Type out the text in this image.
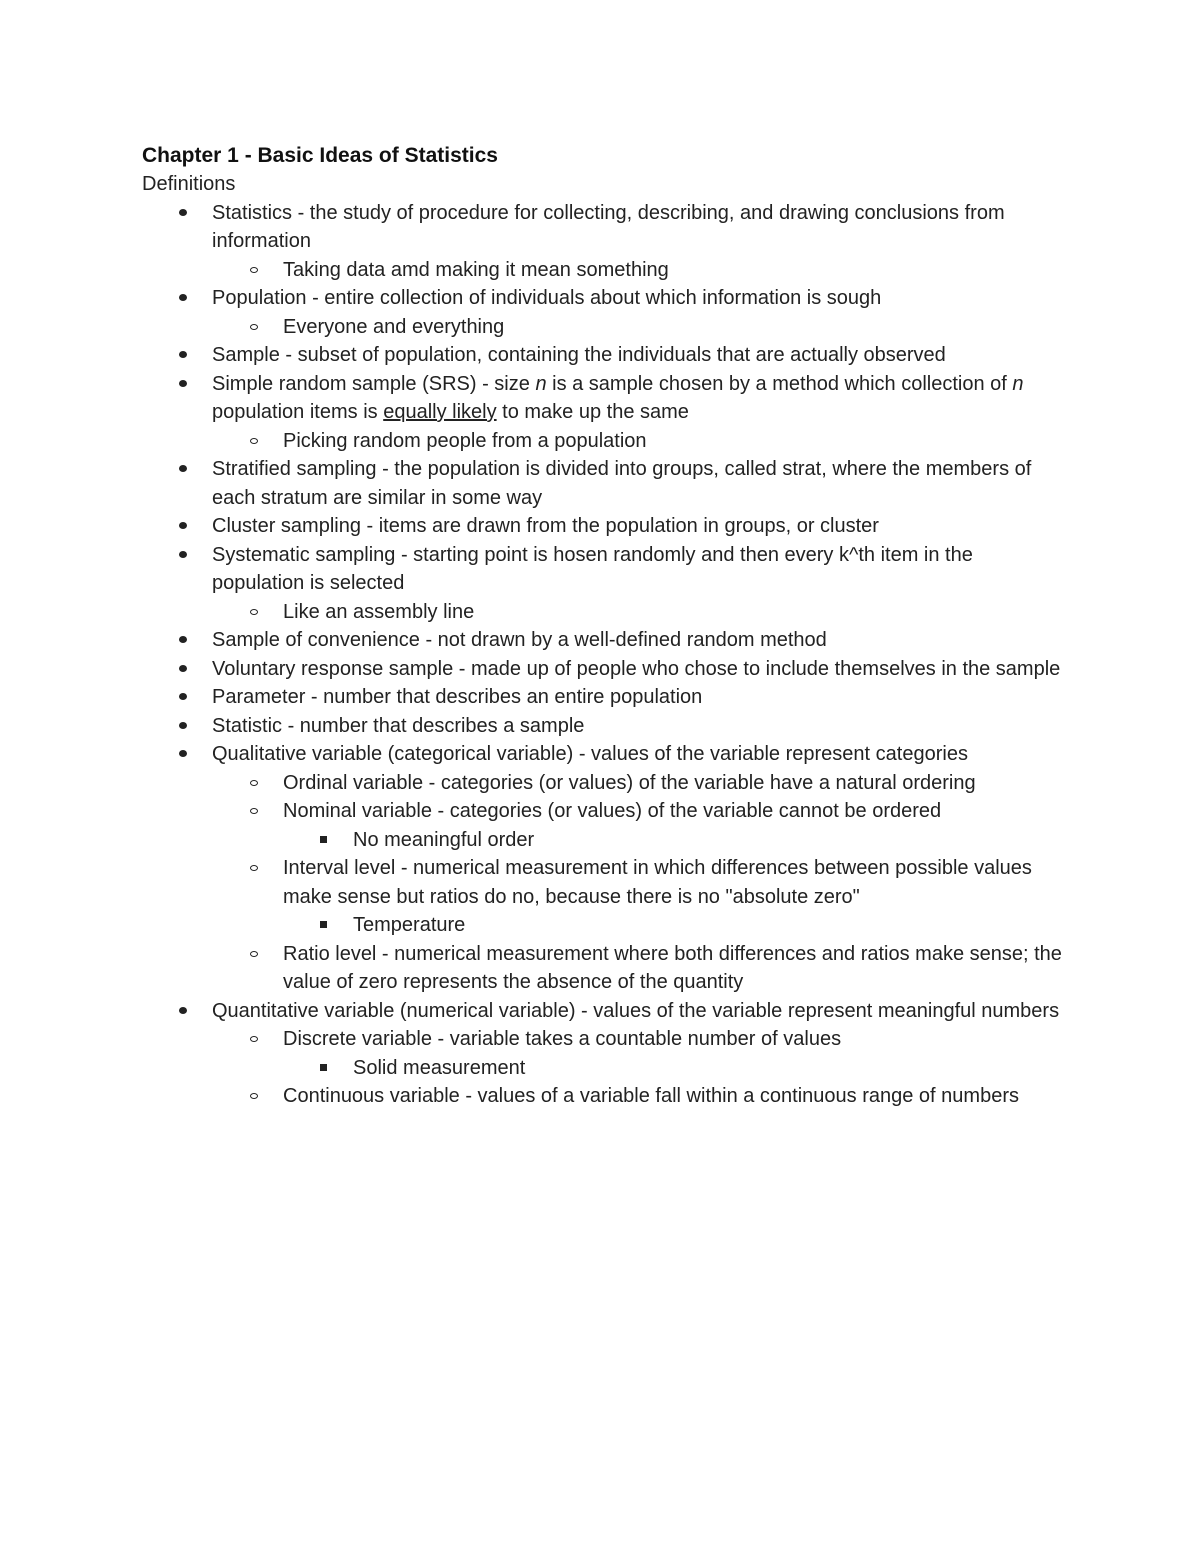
Chapter 1 - Basic Ideas of Statistics

Definitions

Statistics - the study of procedure for collecting, describing, and drawing conclusions from information
Taking data amd making it mean something
Population - entire collection of individuals about which information is sough
Everyone and everything
Sample - subset of population, containing the individuals that are actually observed
Simple random sample (SRS) - size n is a sample chosen by a method which collection of n population items is equally likely to make up the same
Picking random people from a population
Stratified sampling - the population is divided into groups, called strat, where the members of each stratum are similar in some way
Cluster sampling - items are drawn from the population in groups, or cluster
Systematic sampling - starting point is hosen randomly and then every k^th item in the population is selected
Like an assembly line
Sample of convenience - not drawn by a well-defined random method
Voluntary response sample - made up of people who chose to include themselves in the sample
Parameter - number that describes an entire population
Statistic - number that describes a sample
Qualitative variable (categorical variable) - values of the variable represent categories
Ordinal variable - categories (or values) of the variable have a natural ordering
Nominal variable - categories (or values) of the variable cannot be ordered
No meaningful order
Interval level - numerical measurement in which differences between possible values make sense but ratios do no, because there is no "absolute zero"
Temperature
Ratio level - numerical measurement where both differences and ratios make sense; the value of zero represents the absence of the quantity
Quantitative variable (numerical variable) - values of the variable represent meaningful numbers
Discrete variable - variable takes a countable number of values
Solid measurement
Continuous variable - values of a variable fall within a continuous range of numbers
